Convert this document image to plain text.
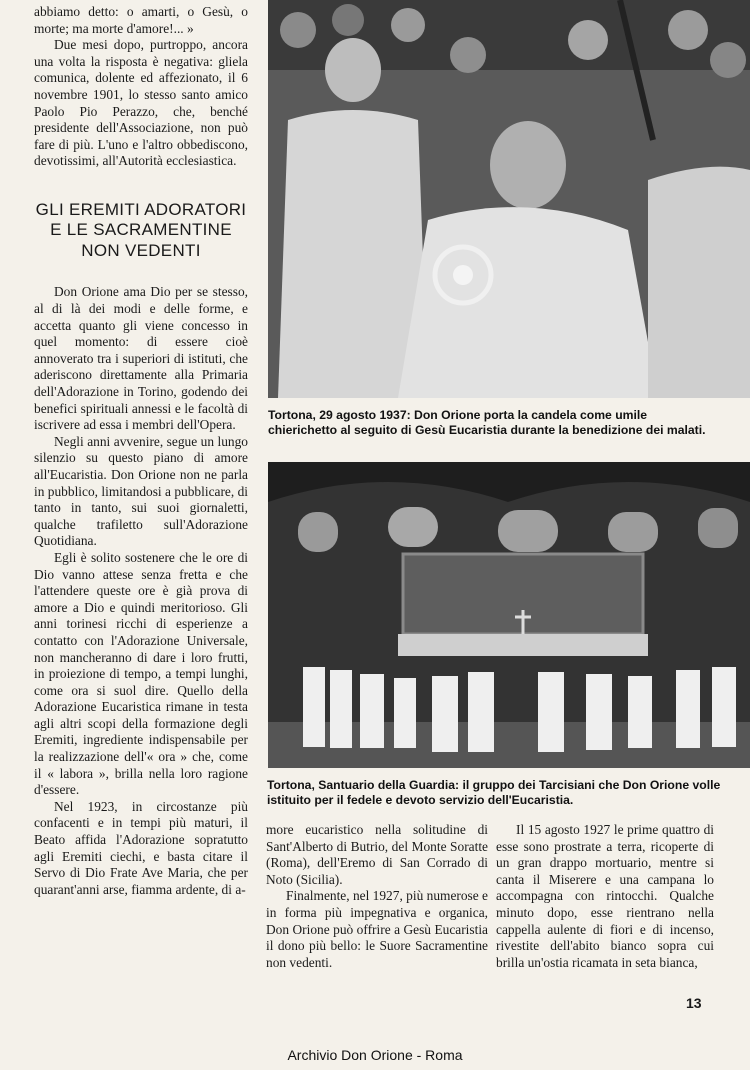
abbiamo detto: o amarti, o Gesù, o morte; ma morte d'amore!... »

Due mesi dopo, purtroppo, ancora una volta la risposta è negativa: gliela comunica, dolente ed affezionato, il 6 novembre 1901, lo stesso santo amico Paolo Pio Perazzo, che, benché presidente dell'Associazione, non può fare di più. L'uno e l'altro obbediscono, devotissimi, all'Autorità ecclesiastica.

GLI EREMITI ADORATORI E LE SACRAMENTINE NON VEDENTI

Don Orione ama Dio per se stesso, al di là dei modi e delle forme, e accetta quanto gli viene concesso in quel momento: di essere cioè annoverato tra i superiori di istituti, che aderiscono direttamente alla Primaria dell'Adorazione in Torino, godendo dei benefici spirituali annessi e le facoltà di iscrivere ad essa i membri dell'Opera.

Negli anni avvenire, segue un lungo silenzio su questo piano di amore all'Eucaristia. Don Orione non ne parla in pubblico, limitandosi a pubblicare, di tanto in tanto, sui suoi giornaletti, qualche trafiletto sull'Adorazione Quotidiana.

Egli è solito sostenere che le ore di Dio vanno attese senza fretta e che l'attendere queste ore è già prova di amore a Dio e quindi meritorioso. Gli anni torinesi ricchi di esperienze a contatto con l'Adorazione Universale, non mancheranno di dare i loro frutti, in proiezione di tempo, a tempi lunghi, come ora si suol dire. Quello della Adorazione Eucaristica rimane in testa agli altri scopi della formazione degli Eremiti, ingrediente indispensabile per la realizzazione dell'« ora » che, come il « labora », brilla nella loro ragione d'essere.

Nel 1923, in circostanze più confacenti e in tempi più maturi, il Beato affida l'Adorazione sopratutto agli Eremiti ciechi, e basta citare il Servo di Dio Frate Ave Maria, che per quarant'anni arse, fiamma ardente, di a-

Tortona, 29 agosto 1937: Don Orione porta la candela come umile chierichetto al seguito di Gesù Eucaristia durante la benedizione dei malati.
Tortona, Santuario della Guardia: il gruppo dei Tarcisiani che Don Orione volle istituito per il fedele e devoto servizio dell'Eucaristia.

more eucaristico nella solitudine di Sant'Alberto di Butrio, del Monte Soratte (Roma), dell'Eremo di San Corrado di Noto (Sicilia).

Finalmente, nel 1927, più numerose e in forma più impegnativa e organica, Don Orione può offrire a Gesù Eucaristia il dono più bello: le Suore Sacramentine non vedenti.

Il 15 agosto 1927 le prime quattro di esse sono prostrate a terra, ricoperte di un gran drappo mortuario, mentre si canta il Miserere e una campana lo accompagna con rintocchi. Qualche minuto dopo, esse rientrano nella cappella aulente di fiori e di incenso, rivestite dell'abito bianco sopra cui brilla un'ostia ricamata in seta bianca,

13
Archivio Don Orione - Roma
